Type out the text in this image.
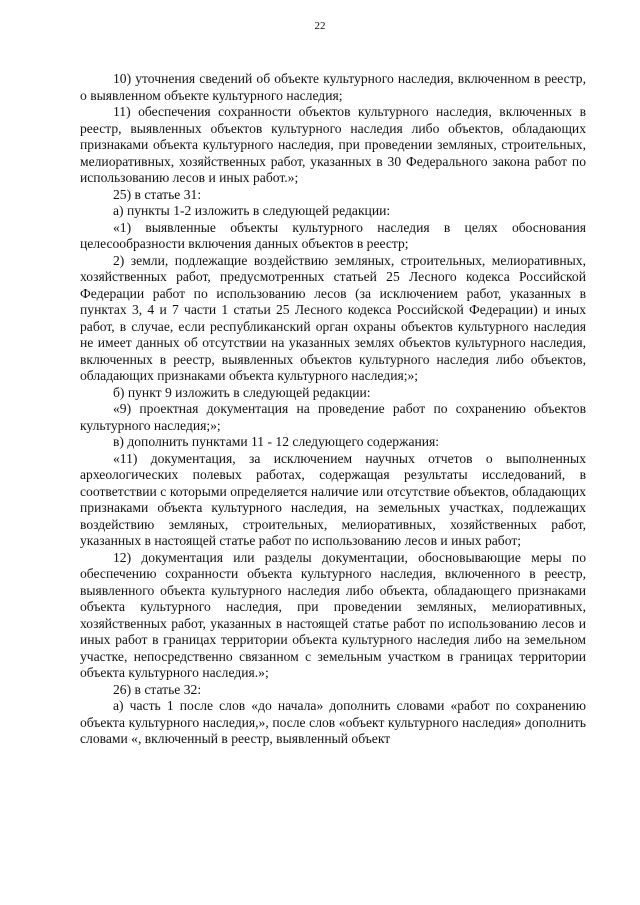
22

10) уточнения сведений об объекте культурного наследия, включенном в реестр, о выявленном объекте культурного наследия;

11) обеспечения сохранности объектов культурного наследия, включенных в реестр, выявленных объектов культурного наследия либо объектов, обладающих признаками объекта культурного наследия, при проведении земляных, строительных, мелиоративных, хозяйственных работ, указанных в 30 Федерального закона работ по использованию лесов и иных работ.»;

25) в статье 31:

а) пункты 1-2 изложить в следующей редакции:

«1) выявленные объекты культурного наследия в целях обоснования целесообразности включения данных объектов в реестр;

2) земли, подлежащие воздействию земляных, строительных, мелиоративных, хозяйственных работ, предусмотренных статьей 25 Лесного кодекса Российской Федерации работ по использованию лесов (за исключением работ, указанных в пунктах 3, 4 и 7 части 1 статьи 25 Лесного кодекса Российской Федерации) и иных работ, в случае, если республиканский орган охраны объектов культурного наследия не имеет данных об отсутствии на указанных землях объектов культурного наследия, включенных в реестр, выявленных объектов культурного наследия либо объектов, обладающих признаками объекта культурного наследия;»;

б) пункт 9 изложить в следующей редакции:

«9) проектная документация на проведение работ по сохранению объектов культурного наследия;»;

в) дополнить пунктами 11 - 12 следующего содержания:

«11) документация, за исключением научных отчетов о выполненных археологических полевых работах, содержащая результаты исследований, в соответствии с которыми определяется наличие или отсутствие объектов, обладающих признаками объекта культурного наследия, на земельных участках, подлежащих воздействию земляных, строительных, мелиоративных, хозяйственных работ, указанных в настоящей статье работ по использованию лесов и иных работ;

12) документация или разделы документации, обосновывающие меры по обеспечению сохранности объекта культурного наследия, включенного в реестр, выявленного объекта культурного наследия либо объекта, обладающего признаками объекта культурного наследия, при проведении земляных, мелиоративных, хозяйственных работ, указанных в настоящей статье работ по использованию лесов и иных работ в границах территории объекта культурного наследия либо на земельном участке, непосредственно связанном с земельным участком в границах территории объекта культурного наследия.»;

26) в статье 32:

а) часть 1 после слов «до начала» дополнить словами «работ по сохранению объекта культурного наследия,», после слов «объект культурного наследия» дополнить словами «, включенный в реестр, выявленный объект
